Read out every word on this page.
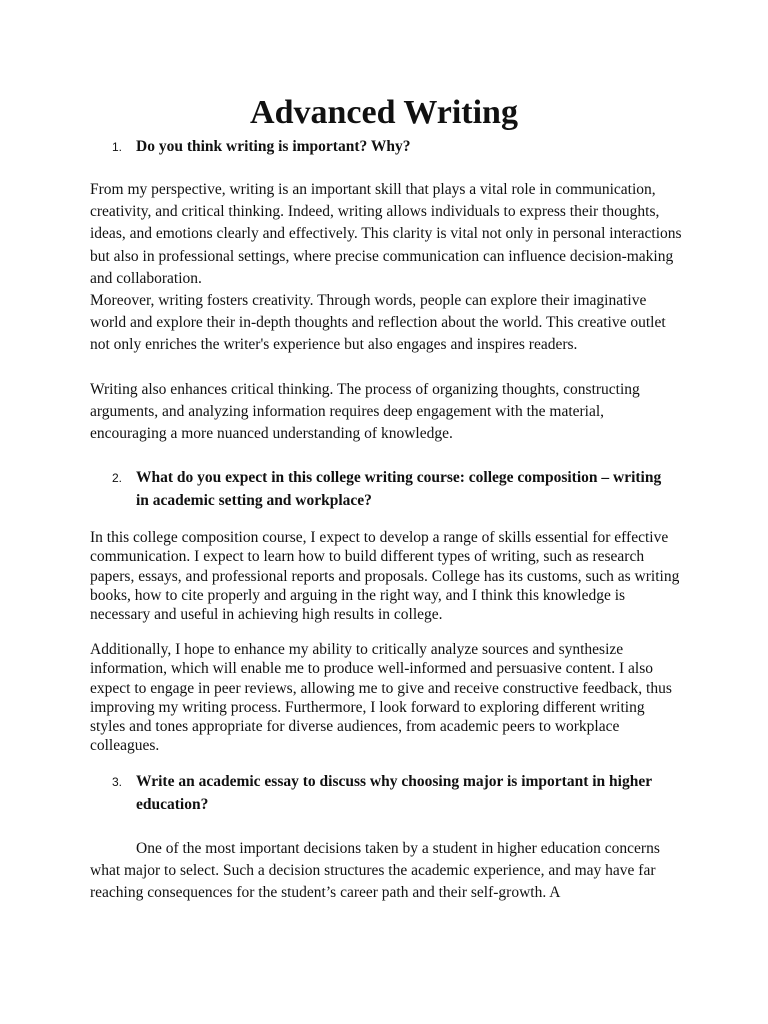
Advanced Writing
1. Do you think writing is important? Why?

From my perspective, writing is an important skill that plays a vital role in communication, creativity, and critical thinking. Indeed, writing allows individuals to express their thoughts, ideas, and emotions clearly and effectively. This clarity is vital not only in personal interactions but also in professional settings, where precise communication can influence decision-making and collaboration.

Moreover, writing fosters creativity. Through words, people can explore their imaginative world and explore their in-depth thoughts and reflection about the world. This creative outlet not only enriches the writer's experience but also engages and inspires readers.

Writing also enhances critical thinking. The process of organizing thoughts, constructing arguments, and analyzing information requires deep engagement with the material, encouraging a more nuanced understanding of knowledge.

2. What do you expect in this college writing course: college composition – writing in academic setting and workplace?

In this college composition course, I expect to develop a range of skills essential for effective communication. I expect to learn how to build different types of writing, such as research papers, essays, and professional reports and proposals. College has its customs, such as writing books, how to cite properly and arguing in the right way, and I think this knowledge is necessary and useful in achieving high results in college.

Additionally, I hope to enhance my ability to critically analyze sources and synthesize information, which will enable me to produce well-informed and persuasive content. I also expect to engage in peer reviews, allowing me to give and receive constructive feedback, thus improving my writing process. Furthermore, I look forward to exploring different writing styles and tones appropriate for diverse audiences, from academic peers to workplace colleagues.

3. Write an academic essay to discuss why choosing major is important in higher education?

One of the most important decisions taken by a student in higher education concerns what major to select. Such a decision structures the academic experience, and may have far reaching consequences for the student’s career path and their self-growth. A
